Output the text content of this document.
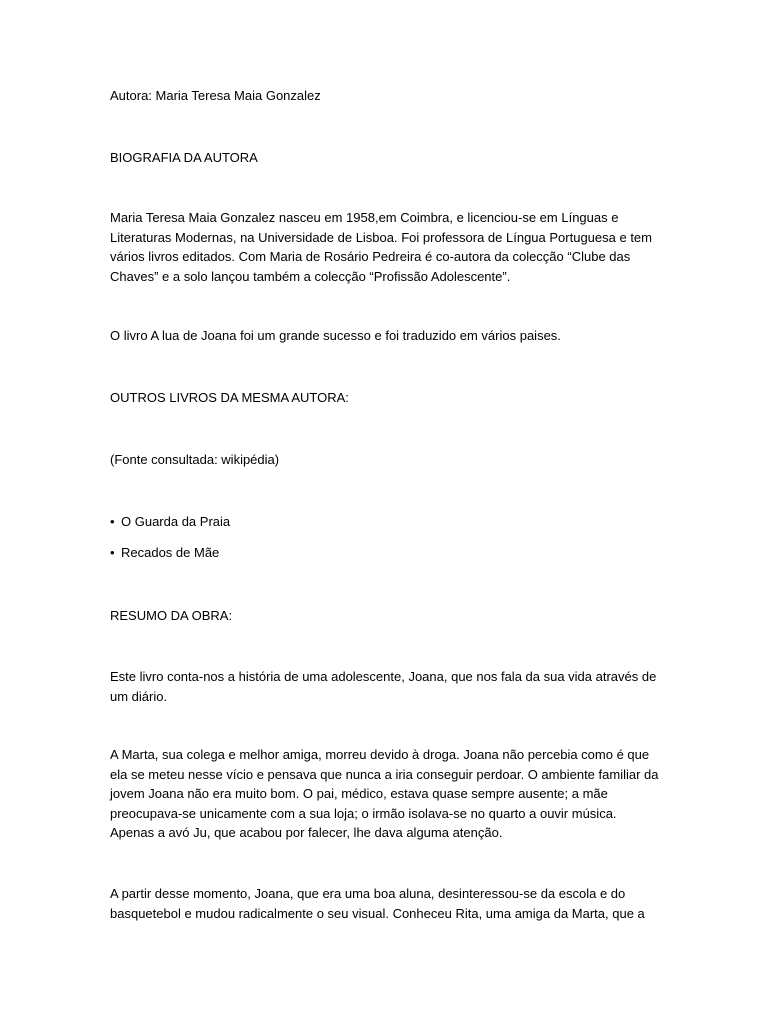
Autora: Maria Teresa Maia Gonzalez
BIOGRAFIA DA AUTORA
Maria Teresa Maia Gonzalez nasceu em 1958,em Coimbra, e licenciou-se em Línguas e
Literaturas Modernas, na Universidade de Lisboa. Foi professora de Língua Portuguesa e tem
vários livros editados. Com Maria de Rosário Pedreira é co-autora da colecção “Clube das
Chaves” e a solo lançou também a colecção “Profissão Adolescente”.
O livro A lua de Joana foi um grande sucesso e foi traduzido em vários paises.
OUTROS LIVROS DA MESMA AUTORA:
(Fonte consultada: wikipédia)
• O Guarda da Praia
• Recados de Mãe
RESUMO DA OBRA:
Este livro conta-nos a história de uma adolescente, Joana, que nos fala da sua vida através de
um diário.
A Marta, sua colega e melhor amiga, morreu devido à droga. Joana não percebia como é que
ela se meteu nesse vício e pensava que nunca a iria conseguir perdoar. O ambiente familiar da
jovem Joana não era muito bom. O pai, médico, estava quase sempre ausente; a mãe
preocupava-se unicamente com a sua loja; o irmão isolava-se no quarto a ouvir música.
Apenas a avó Ju, que acabou por falecer, lhe dava alguma atenção.
A partir desse momento, Joana, que era uma boa aluna, desinteressou-se da escola e do
basquetebol e mudou radicalmente o seu visual. Conheceu Rita, uma amiga da Marta, que a
